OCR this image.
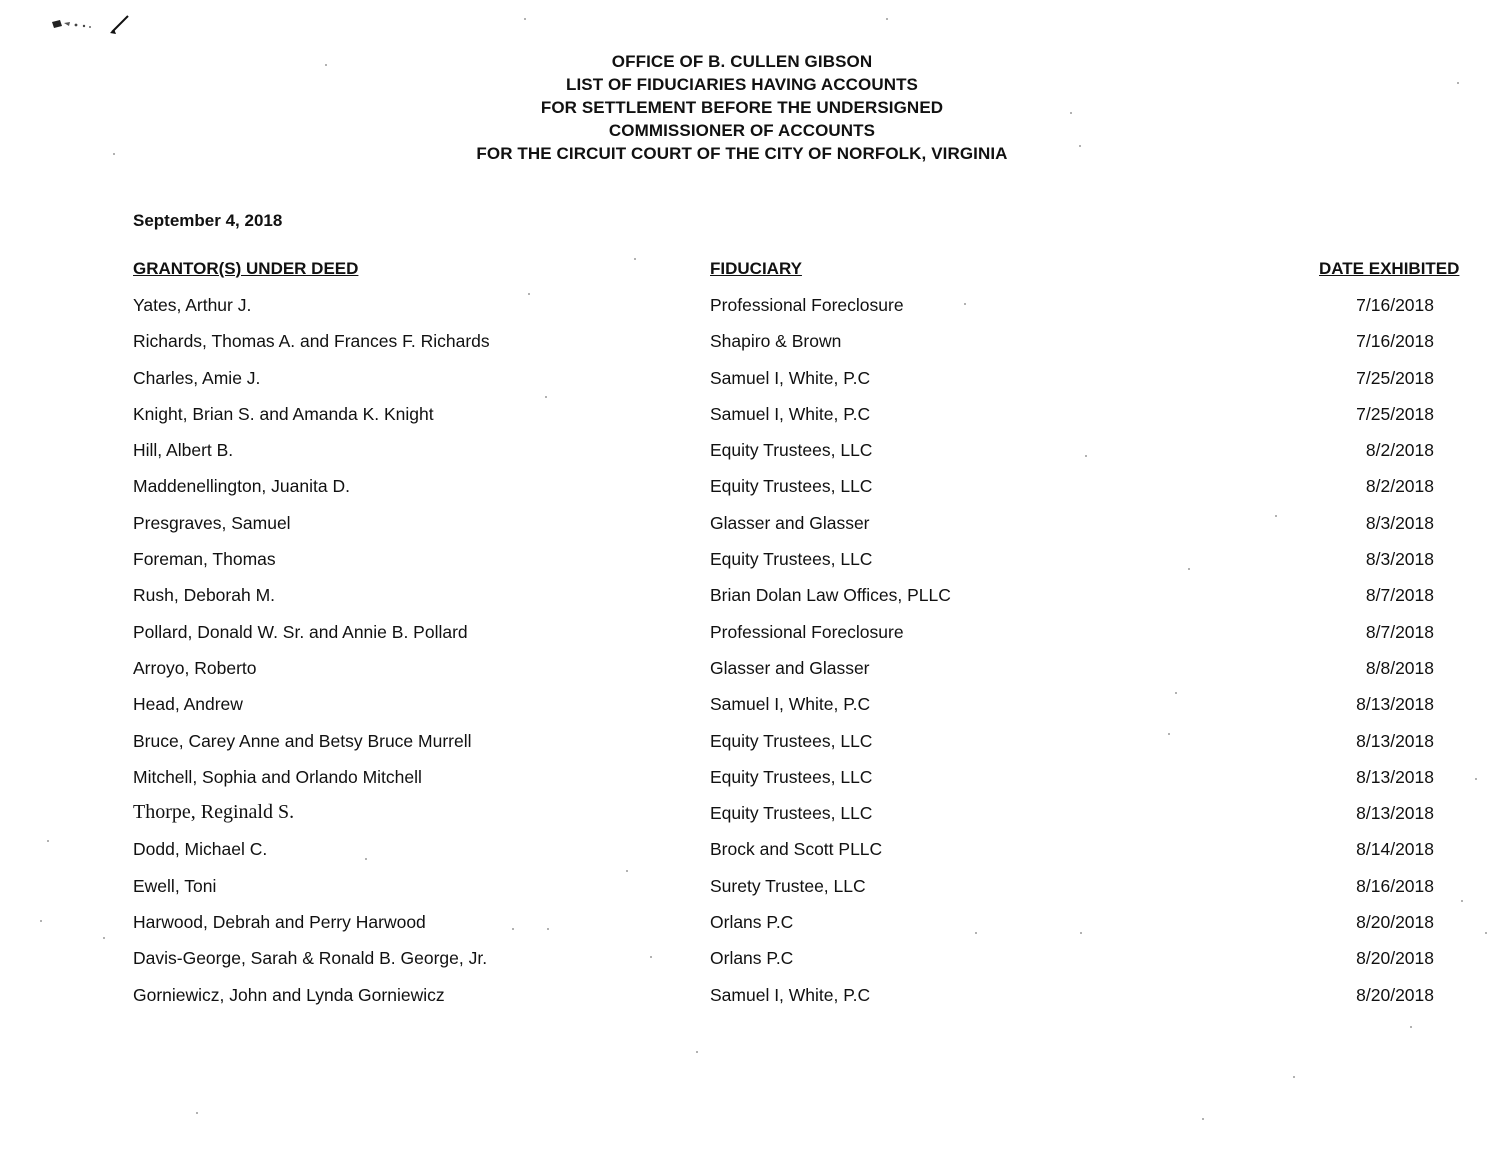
OFFICE OF B. CULLEN GIBSON
LIST OF FIDUCIARIES HAVING ACCOUNTS
FOR SETTLEMENT BEFORE THE UNDERSIGNED
COMMISSIONER OF ACCOUNTS
FOR THE CIRCUIT COURT OF THE CITY OF NORFOLK, VIRGINIA
September 4, 2018
GRANTOR(S) UNDER DEED	FIDUCIARY	DATE EXHIBITED
Yates, Arthur J.	Professional Foreclosure	7/16/2018
Richards, Thomas A. and Frances F. Richards	Shapiro & Brown	7/16/2018
Charles, Amie J.	Samuel I, White, P.C	7/25/2018
Knight, Brian S. and Amanda K. Knight	Samuel I, White, P.C	7/25/2018
Hill, Albert B.	Equity Trustees, LLC	8/2/2018
Maddenellington, Juanita D.	Equity Trustees, LLC	8/2/2018
Presgraves, Samuel	Glasser and Glasser	8/3/2018
Foreman, Thomas	Equity Trustees, LLC	8/3/2018
Rush, Deborah M.	Brian Dolan Law Offices, PLLC	8/7/2018
Pollard, Donald W. Sr. and Annie B. Pollard	Professional Foreclosure	8/7/2018
Arroyo, Roberto	Glasser and Glasser	8/8/2018
Head, Andrew	Samuel I, White, P.C	8/13/2018
Bruce, Carey Anne and Betsy Bruce Murrell	Equity Trustees, LLC	8/13/2018
Mitchell, Sophia and Orlando Mitchell	Equity Trustees, LLC	8/13/2018
Thorpe, Reginald S.	Equity Trustees, LLC	8/13/2018
Dodd, Michael C.	Brock and Scott PLLC	8/14/2018
Ewell, Toni	Surety Trustee, LLC	8/16/2018
Harwood, Debrah and Perry Harwood	Orlans P.C	8/20/2018
Davis-George, Sarah & Ronald B. George, Jr.	Orlans P.C	8/20/2018
Gorniewicz, John and Lynda Gorniewicz	Samuel I, White, P.C	8/20/2018
